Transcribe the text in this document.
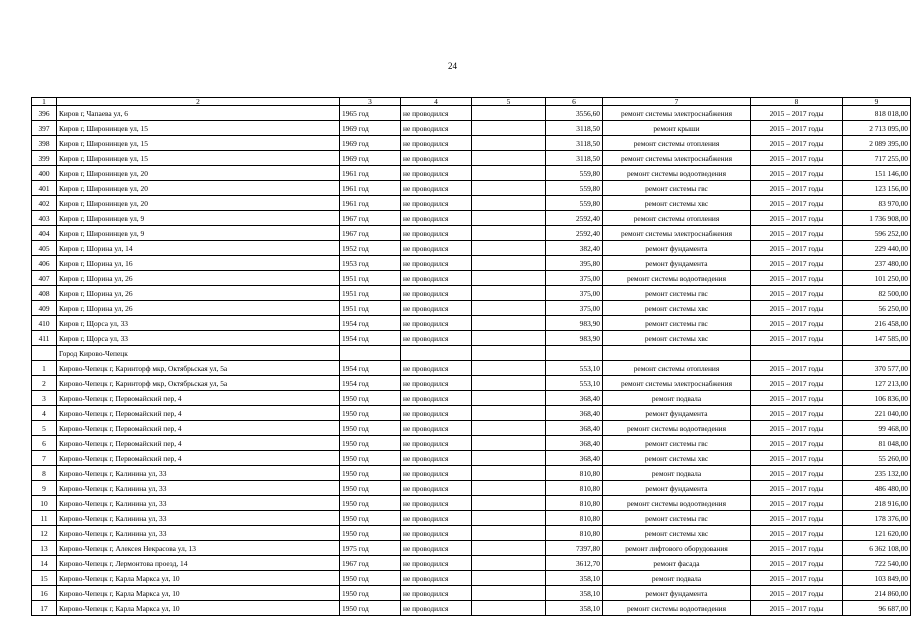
24
1	2	3	4	5	6	7	8	9
396	Киров г, Чапаева ул, 6	1965 год	не проводился		3556,60	ремонт системы электроснабжения	2015 – 2017 годы	818 018,00
397	Киров г, Широнинцев ул, 15	1969 год	не проводился		3118,50	ремонт крыши	2015 – 2017 годы	2 713 095,00
398	Киров г, Широнинцев ул, 15	1969 год	не проводился		3118,50	ремонт системы отопления	2015 – 2017 годы	2 089 395,00
399	Киров г, Широнинцев ул, 15	1969 год	не проводился		3118,50	ремонт системы электроснабжения	2015 – 2017 годы	717 255,00
400	Киров г, Широнинцев ул, 20	1961 год	не проводился		559,80	ремонт системы водоотведения	2015 – 2017 годы	151 146,00
401	Киров г, Широнинцев ул, 20	1961 год	не проводился		559,80	ремонт системы гвс	2015 – 2017 годы	123 156,00
402	Киров г, Широнинцев ул, 20	1961 год	не проводился		559,80	ремонт системы хвс	2015 – 2017 годы	83 970,00
403	Киров г, Широнинцев ул, 9	1967 год	не проводился		2592,40	ремонт системы отопления	2015 – 2017 годы	1 736 908,00
404	Киров г, Широнинцев ул, 9	1967 год	не проводился		2592,40	ремонт системы электроснабжения	2015 – 2017 годы	596 252,00
405	Киров г, Шорина ул, 14	1952 год	не проводился		382,40	ремонт фундамента	2015 – 2017 годы	229 440,00
406	Киров г, Шорина ул, 16	1953 год	не проводился		395,80	ремонт фундамента	2015 – 2017 годы	237 480,00
407	Киров г, Шорина ул, 26	1951 год	не проводился		375,00	ремонт системы водоотведения	2015 – 2017 годы	101 250,00
408	Киров г, Шорина ул, 26	1951 год	не проводился		375,00	ремонт системы гвс	2015 – 2017 годы	82 500,00
409	Киров г, Шорина ул, 26	1951 год	не проводился		375,00	ремонт системы хвс	2015 – 2017 годы	56 250,00
410	Киров г, Щорса ул, 33	1954 год	не проводился		983,90	ремонт системы гвс	2015 – 2017 годы	216 458,00
411	Киров г, Щорса ул, 33	1954 год	не проводился		983,90	ремонт системы хвс	2015 – 2017 годы	147 585,00
	Город Кирово-Чепецк							
1	Кирово-Чепецк г, Каринторф мкр, Октябрьская ул, 5а	1954 год	не проводился		553,10	ремонт системы отопления	2015 – 2017 годы	370 577,00
2	Кирово-Чепецк г, Каринторф мкр, Октябрьская ул, 5а	1954 год	не проводился		553,10	ремонт системы электроснабжения	2015 – 2017 годы	127 213,00
3	Кирово-Чепецк г, Первомайский пер, 4	1950 год	не проводился		368,40	ремонт подвала	2015 – 2017 годы	106 836,00
4	Кирово-Чепецк г, Первомайский пер, 4	1950 год	не проводился		368,40	ремонт фундамента	2015 – 2017 годы	221 040,00
5	Кирово-Чепецк г, Первомайский пер, 4	1950 год	не проводился		368,40	ремонт системы водоотведения	2015 – 2017 годы	99 468,00
6	Кирово-Чепецк г, Первомайский пер, 4	1950 год	не проводился		368,40	ремонт системы гвс	2015 – 2017 годы	81 048,00
7	Кирово-Чепецк г, Первомайский пер, 4	1950 год	не проводился		368,40	ремонт системы хвс	2015 – 2017 годы	55 260,00
8	Кирово-Чепецк г, Калинина ул, 33	1950 год	не проводился		810,80	ремонт подвала	2015 – 2017 годы	235 132,00
9	Кирово-Чепецк г, Калинина ул, 33	1950 год	не проводился		810,80	ремонт фундамента	2015 – 2017 годы	486 480,00
10	Кирово-Чепецк г, Калинина ул, 33	1950 год	не проводился		810,80	ремонт системы водоотведения	2015 – 2017 годы	218 916,00
11	Кирово-Чепецк г, Калинина ул, 33	1950 год	не проводился		810,80	ремонт системы гвс	2015 – 2017 годы	178 376,00
12	Кирово-Чепецк г, Калинина ул, 33	1950 год	не проводился		810,80	ремонт системы хвс	2015 – 2017 годы	121 620,00
13	Кирово-Чепецк г, Алексея Некрасова ул, 13	1975 год	не проводился		7397,80	ремонт лифтового оборудования	2015 – 2017 годы	6 362 108,00
14	Кирово-Чепецк г, Лермонтова проезд, 14	1967 год	не проводился		3612,70	ремонт фасада	2015 – 2017 годы	722 540,00
15	Кирово-Чепецк г, Карла Маркса ул, 10	1950 год	не проводился		358,10	ремонт подвала	2015 – 2017 годы	103 849,00
16	Кирово-Чепецк г, Карла Маркса ул, 10	1950 год	не проводился		358,10	ремонт фундамента	2015 – 2017 годы	214 860,00
17	Кирово-Чепецк г, Карла Маркса ул, 10	1950 год	не проводился		358,10	ремонт системы водоотведения	2015 – 2017 годы	96 687,00
